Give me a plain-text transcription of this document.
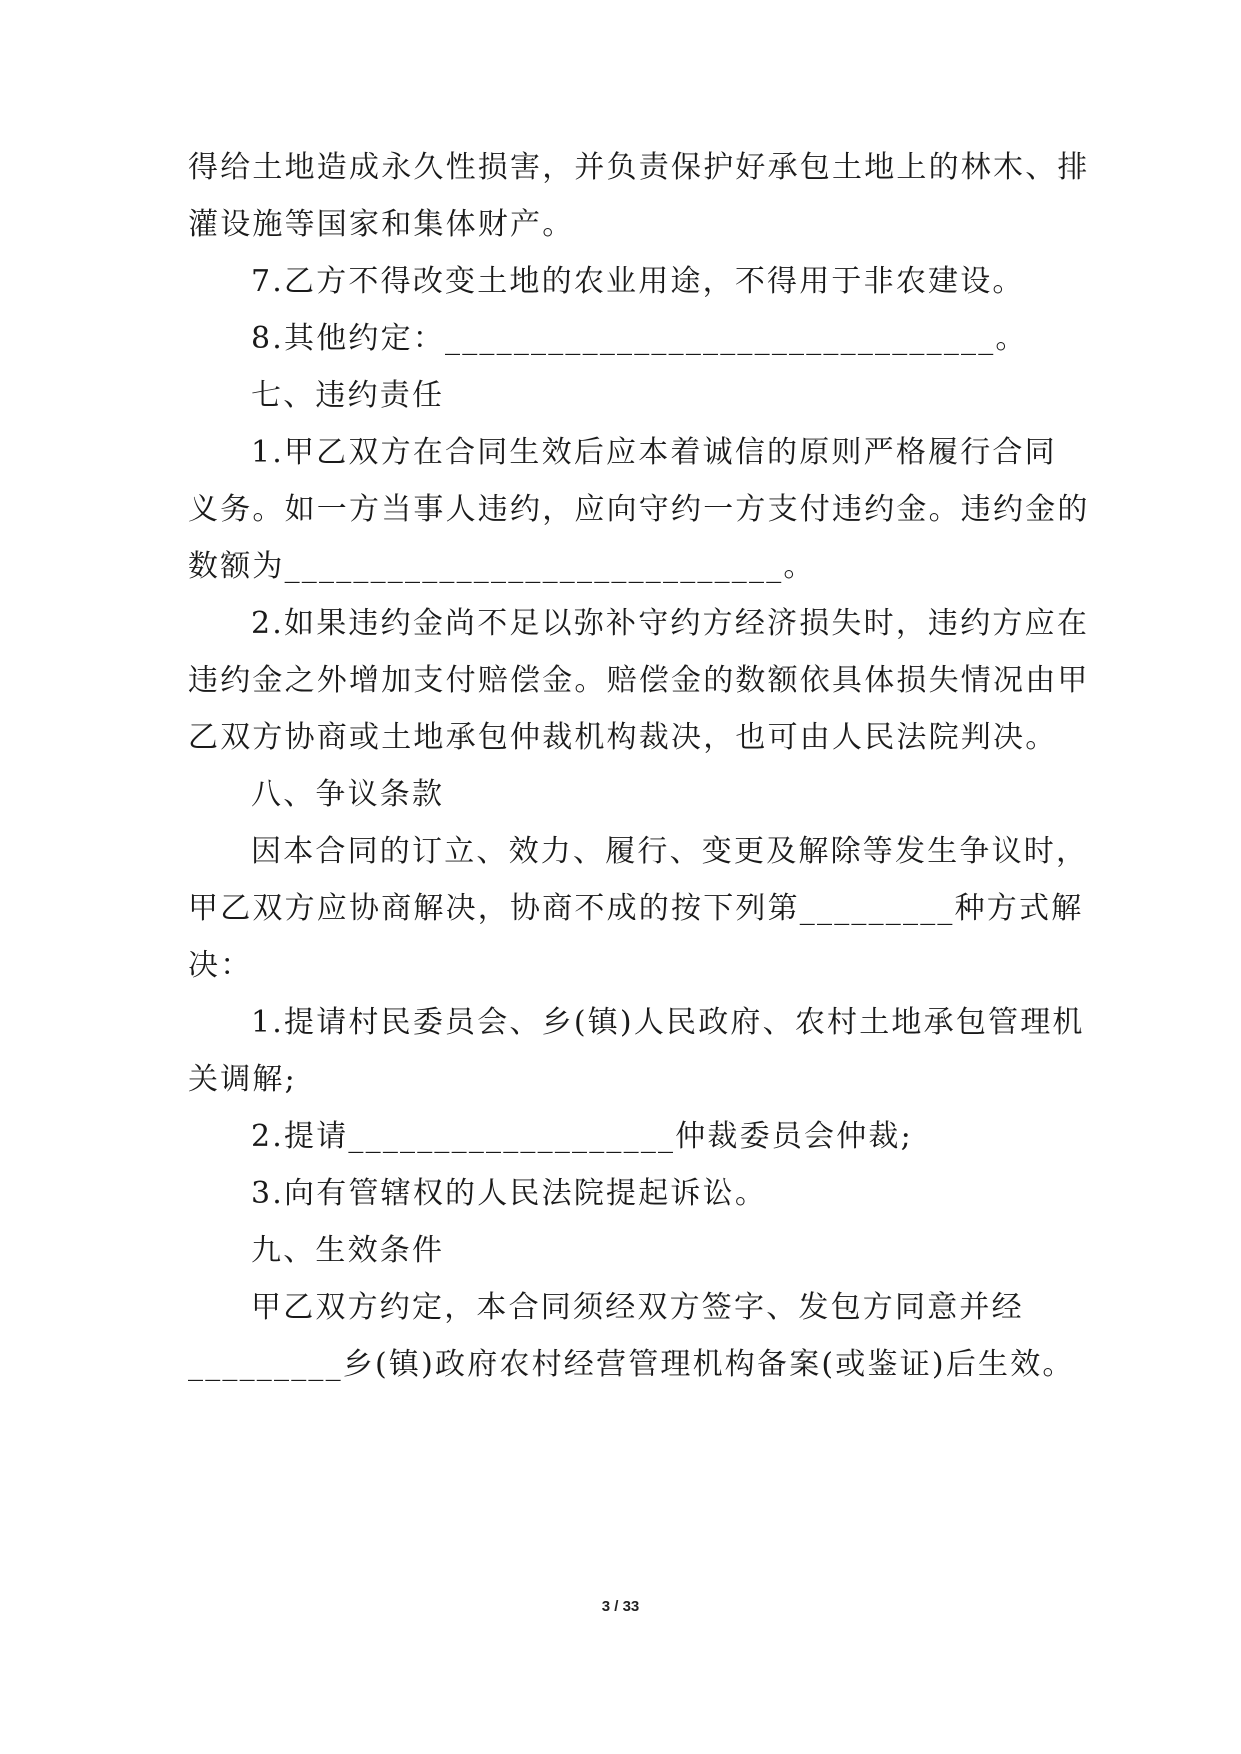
得给土地造成永久性损害，并负责保护好承包土地上的林木、排
灌设施等国家和集体财产。
7.乙方不得改变土地的农业用途，不得用于非农建设。
8.其他约定：________________________________。
七、违约责任
1.甲乙双方在合同生效后应本着诚信的原则严格履行合同
义务。如一方当事人违约，应向守约一方支付违约金。违约金的
数额为_____________________________。
2.如果违约金尚不足以弥补守约方经济损失时，违约方应在
违约金之外增加支付赔偿金。赔偿金的数额依具体损失情况由甲
乙双方协商或土地承包仲裁机构裁决，也可由人民法院判决。
八、争议条款
因本合同的订立、效力、履行、变更及解除等发生争议时，
甲乙双方应协商解决，协商不成的按下列第_________种方式解
决：
1.提请村民委员会、乡(镇)人民政府、农村土地承包管理机
关调解;
2.提请___________________仲裁委员会仲裁;
3.向有管辖权的人民法院提起诉讼。
九、生效条件
甲乙双方约定，本合同须经双方签字、发包方同意并经
_________乡(镇)政府农村经营管理机构备案(或鉴证)后生效。
3 / 33
